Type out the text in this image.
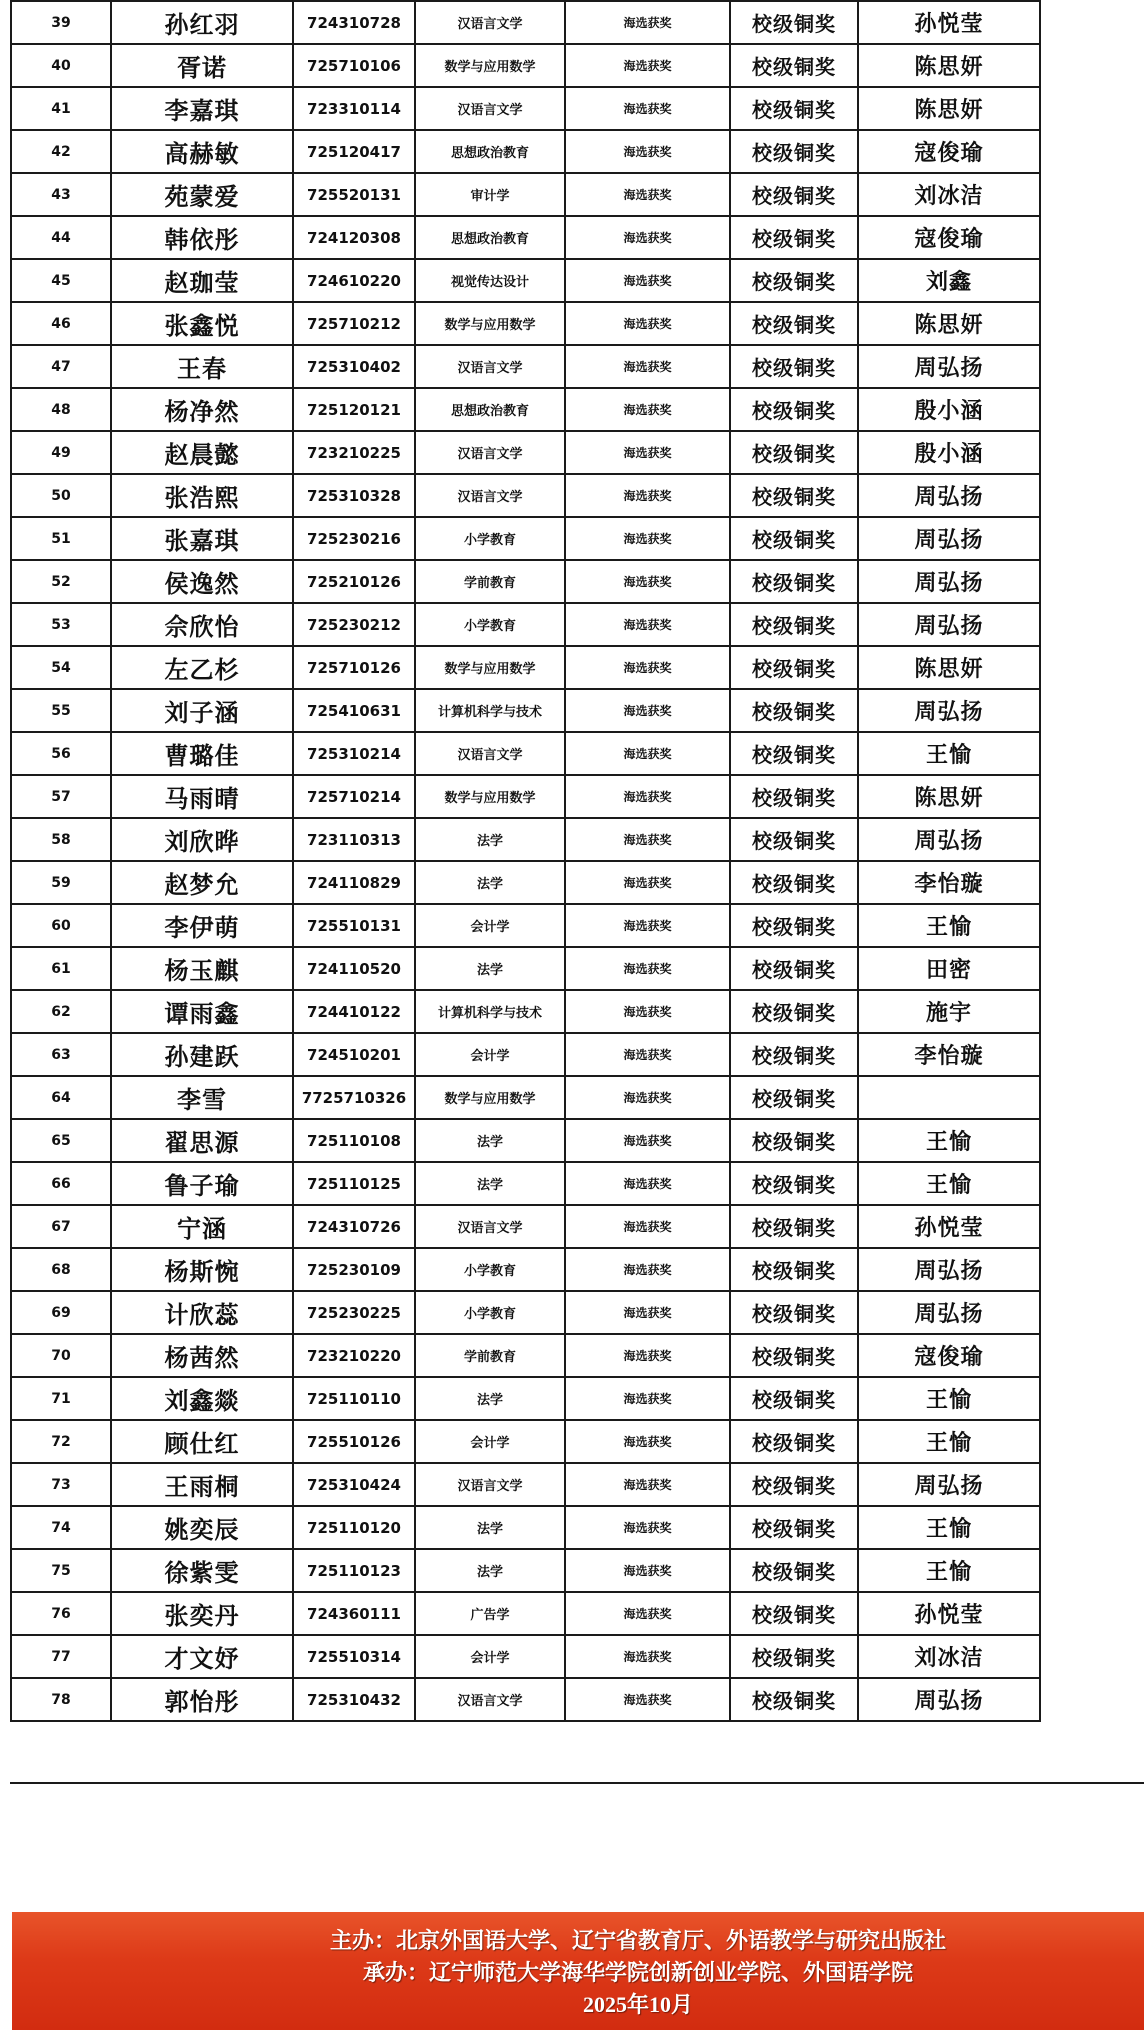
39	孙红羽	724310728	汉语言文学	海选获奖	校级铜奖	孙悦莹
40	胥诺	725710106	数学与应用数学	海选获奖	校级铜奖	陈思妍
41	李嘉琪	723310114	汉语言文学	海选获奖	校级铜奖	陈思妍
42	高赫敏	725120417	思想政治教育	海选获奖	校级铜奖	寇俊瑜
43	苑蒙爱	725520131	审计学	海选获奖	校级铜奖	刘冰洁
44	韩依彤	724120308	思想政治教育	海选获奖	校级铜奖	寇俊瑜
45	赵珈莹	724610220	视觉传达设计	海选获奖	校级铜奖	刘鑫
46	张鑫悦	725710212	数学与应用数学	海选获奖	校级铜奖	陈思妍
47	王春	725310402	汉语言文学	海选获奖	校级铜奖	周弘扬
48	杨净然	725120121	思想政治教育	海选获奖	校级铜奖	殷小涵
49	赵晨懿	723210225	汉语言文学	海选获奖	校级铜奖	殷小涵
50	张浩熙	725310328	汉语言文学	海选获奖	校级铜奖	周弘扬
51	张嘉琪	725230216	小学教育	海选获奖	校级铜奖	周弘扬
52	侯逸然	725210126	学前教育	海选获奖	校级铜奖	周弘扬
53	佘欣怡	725230212	小学教育	海选获奖	校级铜奖	周弘扬
54	左乙杉	725710126	数学与应用数学	海选获奖	校级铜奖	陈思妍
55	刘子涵	725410631	计算机科学与技术	海选获奖	校级铜奖	周弘扬
56	曹璐佳	725310214	汉语言文学	海选获奖	校级铜奖	王愉
57	马雨晴	725710214	数学与应用数学	海选获奖	校级铜奖	陈思妍
58	刘欣晔	723110313	法学	海选获奖	校级铜奖	周弘扬
59	赵梦允	724110829	法学	海选获奖	校级铜奖	李怡璇
60	李伊萌	725510131	会计学	海选获奖	校级铜奖	王愉
61	杨玉麒	724110520	法学	海选获奖	校级铜奖	田密
62	谭雨鑫	724410122	计算机科学与技术	海选获奖	校级铜奖	施宇
63	孙建跃	724510201	会计学	海选获奖	校级铜奖	李怡璇
64	李雪	7725710326	数学与应用数学	海选获奖	校级铜奖	
65	翟思源	725110108	法学	海选获奖	校级铜奖	王愉
66	鲁子瑜	725110125	法学	海选获奖	校级铜奖	王愉
67	宁涵	724310726	汉语言文学	海选获奖	校级铜奖	孙悦莹
68	杨斯惋	725230109	小学教育	海选获奖	校级铜奖	周弘扬
69	计欣蕊	725230225	小学教育	海选获奖	校级铜奖	周弘扬
70	杨茜然	723210220	学前教育	海选获奖	校级铜奖	寇俊瑜
71	刘鑫燚	725110110	法学	海选获奖	校级铜奖	王愉
72	顾仕红	725510126	会计学	海选获奖	校级铜奖	王愉
73	王雨桐	725310424	汉语言文学	海选获奖	校级铜奖	周弘扬
74	姚奕辰	725110120	法学	海选获奖	校级铜奖	王愉
75	徐紫雯	725110123	法学	海选获奖	校级铜奖	王愉
76	张奕丹	724360111	广告学	海选获奖	校级铜奖	孙悦莹
77	才文妤	725510314	会计学	海选获奖	校级铜奖	刘冰洁
78	郭怡彤	725310432	汉语言文学	海选获奖	校级铜奖	周弘扬
主办：北京外国语大学、辽宁省教育厅、外语教学与研究出版社
承办：辽宁师范大学海华学院创新创业学院、外国语学院
2025年10月
